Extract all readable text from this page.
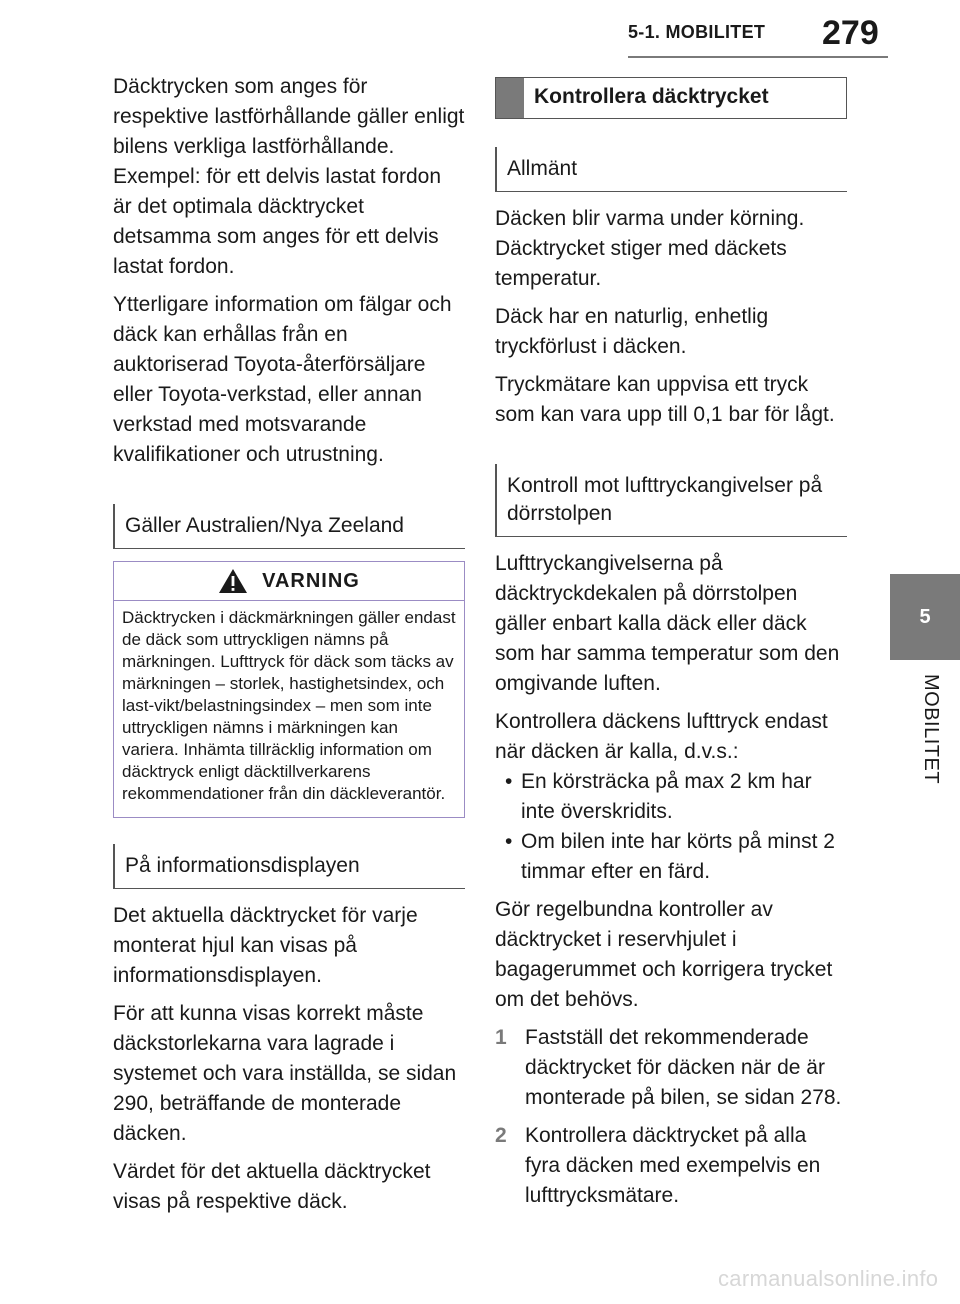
5-1. MOBILITET 279
5
MOBILITET

Däcktrycken som anges för respektive lastförhållande gäller enligt bilens verkliga lastförhållande. Exempel: för ett delvis lastat fordon är det optimala däcktrycket detsamma som anges för ett delvis lastat fordon.

Ytterligare information om fälgar och däck kan erhållas från en auktoriserad Toyota-återförsäljare eller Toyota-verkstad, eller annan verkstad med motsvarande kvalifikationer och utrustning.

Gäller Australien/Nya Zeeland
VARNING
Däcktrycken i däckmärkningen gäller endast de däck som uttryckligen nämns på märkningen. Lufttryck för däck som täcks av märkningen – storlek, hastighetsindex, och last-vikt/belastningsindex – men som inte uttryckligen nämns i märkningen kan variera. Inhämta tillräcklig information om däcktryck enligt däcktillverkarens rekommendationer från din däckleverantör.
På informationsdisplayen

Det aktuella däcktrycket för varje monterat hjul kan visas på informationsdisplayen.

För att kunna visas korrekt måste däckstorlekarna vara lagrade i systemet och vara inställda, se sidan 290, beträffande de monterade däcken.

Värdet för det aktuella däcktrycket visas på respektive däck.

Kontrollera däcktrycket
Allmänt

Däcken blir varma under körning. Däcktrycket stiger med däckets temperatur.

Däck har en naturlig, enhetlig tryckförlust i däcken.

Tryckmätare kan uppvisa ett tryck som kan vara upp till 0,1 bar för lågt.

Kontroll mot lufttryckangivelser på dörrstolpen

Lufttryckangivelserna på däcktryckdekalen på dörrstolpen gäller enbart kalla däck eller däck som har samma temperatur som den omgivande luften.

Kontrollera däckens lufttryck endast när däcken är kalla, d.v.s.:

• En körsträcka på max 2 km har inte överskridits.
• Om bilen inte har körts på minst 2 timmar efter en färd.

Gör regelbundna kontroller av däcktrycket i reservhjulet i bagagerummet och korrigera trycket om det behövs.

1 Fastställ det rekommenderade däcktrycket för däcken när de är monterade på bilen, se sidan 278.
2 Kontrollera däcktrycket på alla fyra däcken med exempelvis en lufttrycksmätare.
carmanualsonline.info
